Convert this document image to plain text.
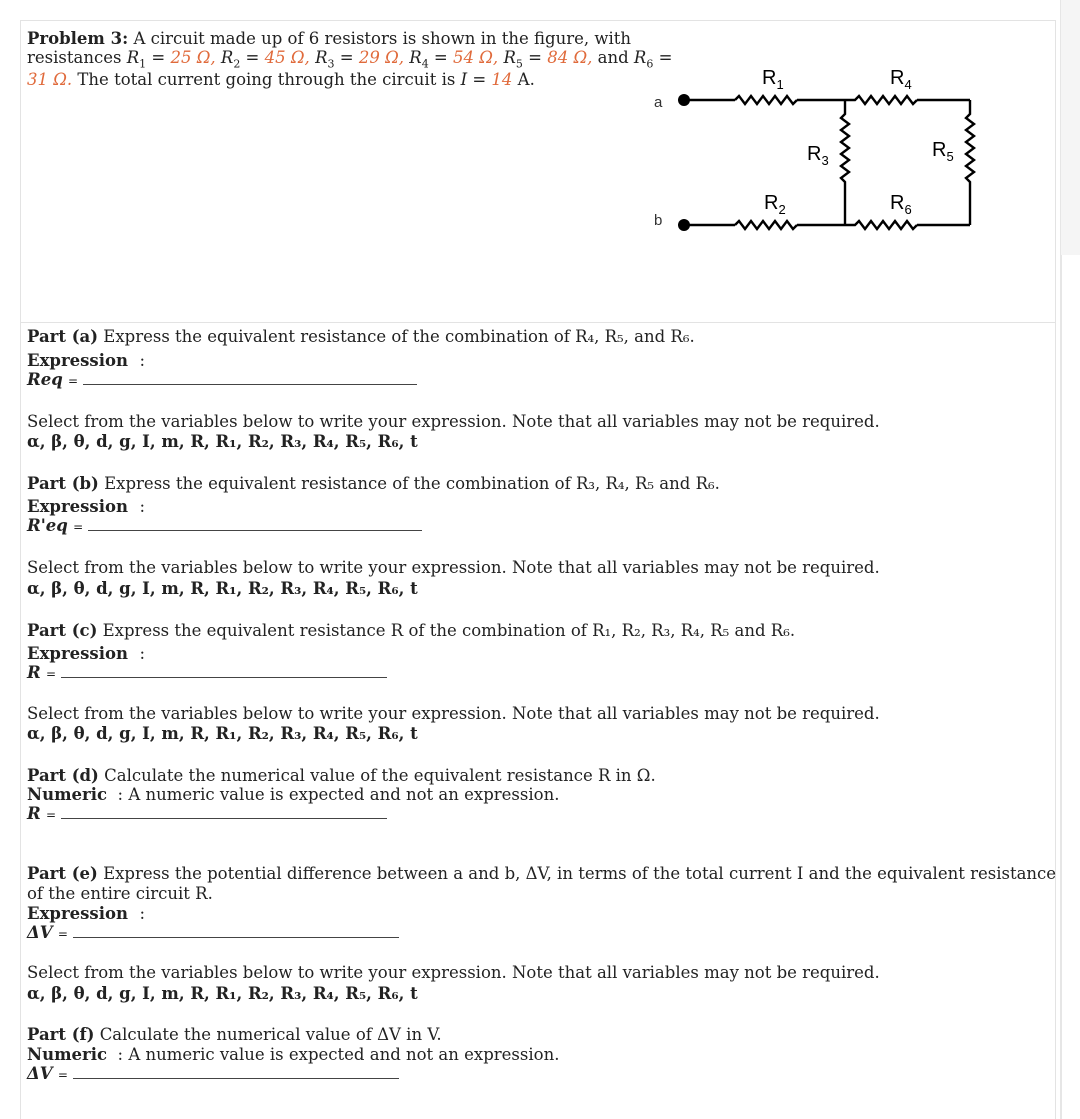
Problem 3: A circuit made up of 6 resistors is shown in the figure, with
resistances $R_1 = 25$ Ω, $R_2 = 45$ Ω, $R_3 = 29$ Ω, $R_4 = 54$ Ω, $R_5 = 84$ Ω, and $R_6$ =
31 Ω. The total current going through the circuit is I = 14 A.
a
b
$R_1$	$R_4$
$R_3$	$R_5$
$R_2$	$R_6$
Part (a) Express the equivalent resistance of the combination of R₄, R₅, and R₆.
Expression :
Req =
Select from the variables below to write your expression. Note that all variables may not be required.
α, β, θ, d, g, I, m, R, R₁, R₂, R₃, R₄, R₅, R₆, t
Part (b) Express the equivalent resistance of the combination of R₃, R₄, R₅ and R₆.
Expression :
R'eq =
Select from the variables below to write your expression. Note that all variables may not be required.
α, β, θ, d, g, I, m, R, R₁, R₂, R₃, R₄, R₅, R₆, t
Part (c) Express the equivalent resistance R of the combination of R₁, R₂, R₃, R₄, R₅ and R₆.
Expression :
R =
Select from the variables below to write your expression. Note that all variables may not be required.
α, β, θ, d, g, I, m, R, R₁, R₂, R₃, R₄, R₅, R₆, t
Part (d) Calculate the numerical value of the equivalent resistance R in Ω.
Numeric : A numeric value is expected and not an expression.
R =
Part (e) Express the potential difference between a and b, ΔV, in terms of the total current I and the equivalent resistance
of the entire circuit R.
Expression :
ΔV =
Select from the variables below to write your expression. Note that all variables may not be required.
α, β, θ, d, g, I, m, R, R₁, R₂, R₃, R₄, R₅, R₆, t
Part (f) Calculate the numerical value of ΔV in V.
Numeric : A numeric value is expected and not an expression.
ΔV =
